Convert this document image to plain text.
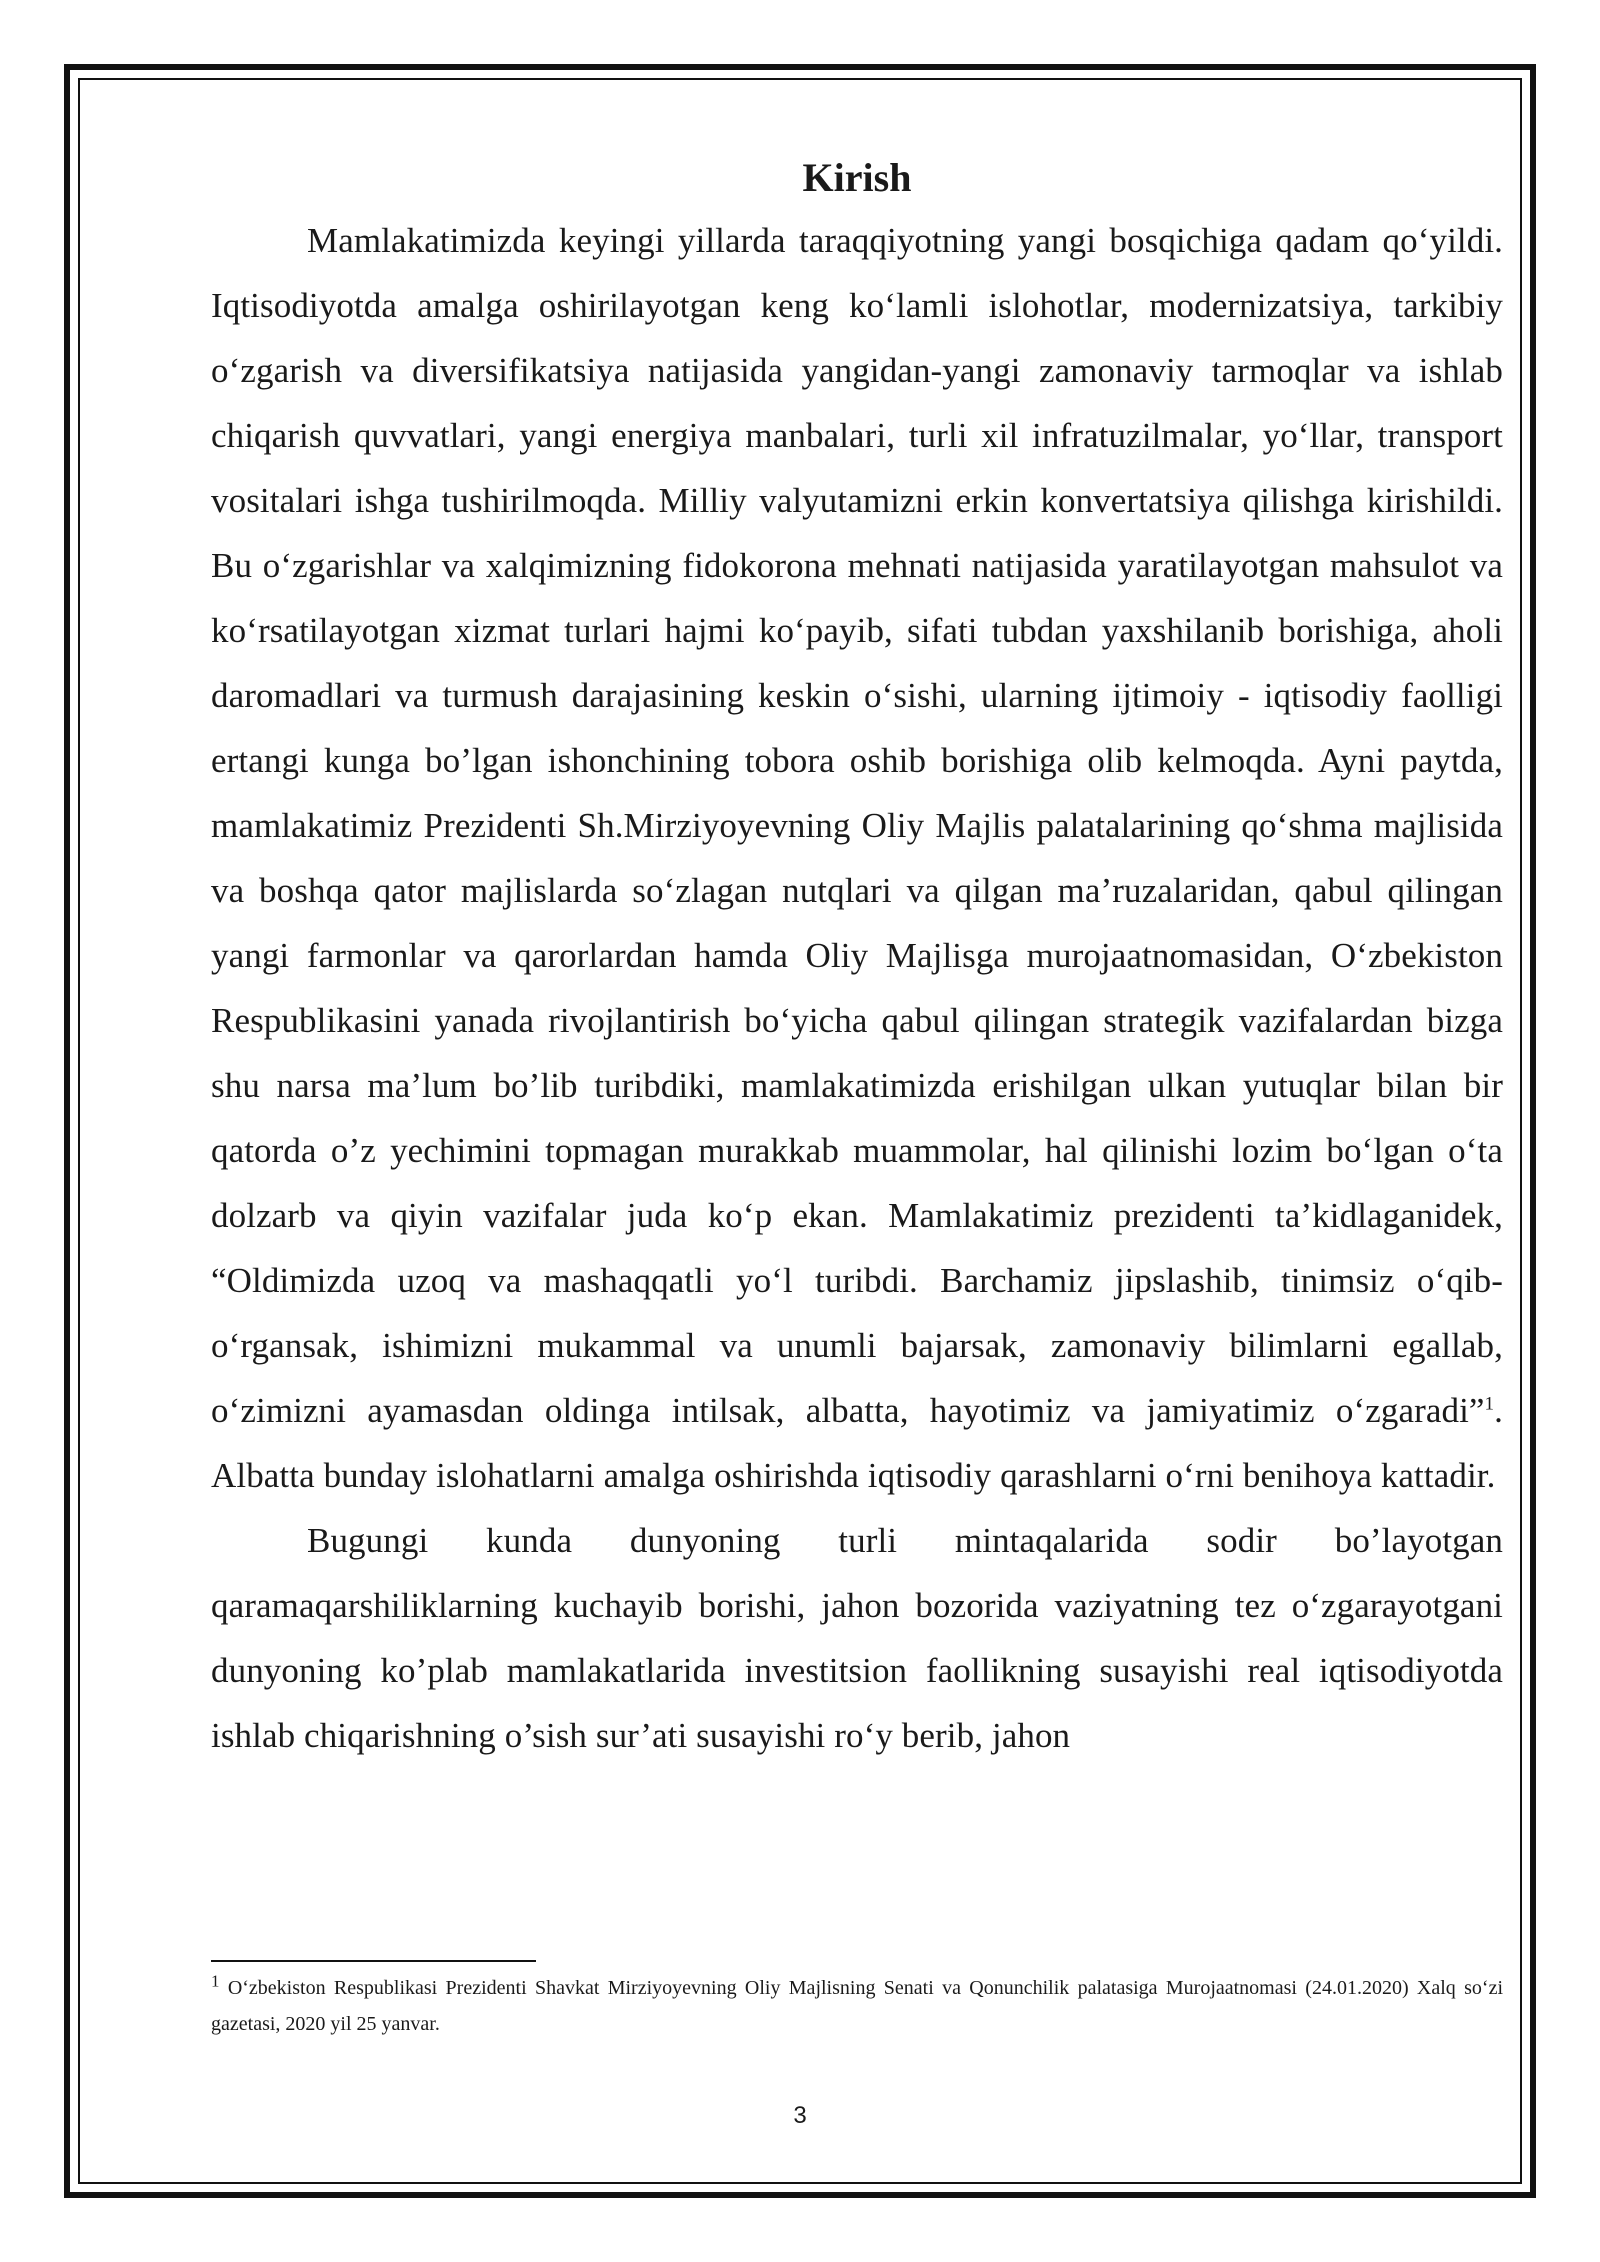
Kirish

Mamlakatimizda keyingi yillarda taraqqiyotning yangi bosqichiga qadam qo‘yildi. Iqtisodiyotda amalga oshirilayotgan keng ko‘lamli islohotlar, modernizatsiya, tarkibiy o‘zgarish va diversifikatsiya natijasida yangidan-yangi zamonaviy tarmoqlar va ishlab chiqarish quvvatlari, yangi energiya manbalari, turli xil infratuzilmalar, yo‘llar, transport vositalari ishga tushirilmoqda. Milliy valyutamizni erkin konvertatsiya qilishga kirishildi. Bu o‘zgarishlar va xalqimizning fidokorona mehnati natijasida yaratilayotgan mahsulot va ko‘rsatilayotgan xizmat turlari hajmi ko‘payib, sifati tubdan yaxshilanib borishiga, aholi daromadlari va turmush darajasining keskin o‘sishi, ularning ijtimoiy - iqtisodiy faolligi ertangi kunga bo’lgan ishonchining tobora oshib borishiga olib kelmoqda. Ayni paytda, mamlakatimiz Prezidenti Sh.Mirziyoyevning Oliy Majlis palatalarining qo‘shma majlisida va boshqa qator majlislarda so‘zlagan nutqlari va qilgan ma’ruzalaridan, qabul qilingan yangi farmonlar va qarorlardan hamda Oliy Majlisga murojaatnomasidan, O‘zbekiston Respublikasini yanada rivojlantirish bo‘yicha qabul qilingan strategik vazifalardan bizga shu narsa ma’lum bo’lib turibdiki, mamlakatimizda erishilgan ulkan yutuqlar bilan bir qatorda o’z yechimini topmagan murakkab muammolar, hal qilinishi lozim bo‘lgan o‘ta dolzarb va qiyin vazifalar juda ko‘p ekan. Mamlakatimiz prezidenti ta’kidlaganidek, “Oldimizda uzoq va mashaqqatli yo‘l turibdi. Barchamiz jipslashib, tinimsiz o‘qib-o‘rgansak, ishimizni mukammal va unumli bajarsak, zamonaviy bilimlarni egallab, o‘zimizni ayamasdan oldinga intilsak, albatta, hayotimiz va jamiyatimiz o‘zgaradi”$^1$. Albatta bunday islohatlarni amalga oshirishda iqtisodiy qarashlarni o‘rni benihoya kattadir.

Bugungi kunda dunyoning turli mintaqalarida sodir bo’layotgan qaramaqarshiliklarning kuchayib borishi, jahon bozorida vaziyatning tez o‘zgarayotgani dunyoning ko’plab mamlakatlarida investitsion faollikning susayishi real iqtisodiyotda ishlab chiqarishning o’sish sur’ati susayishi ro‘y berib, jahon

$^1$ O‘zbekiston Respublikasi Prezidenti Shavkat Mirziyoyevning Oliy Majlisning Senati va Qonunchilik palatasiga Murojaatnomasi (24.01.2020) Xalq so‘zi gazetasi, 2020 yil 25 yanvar.

3
